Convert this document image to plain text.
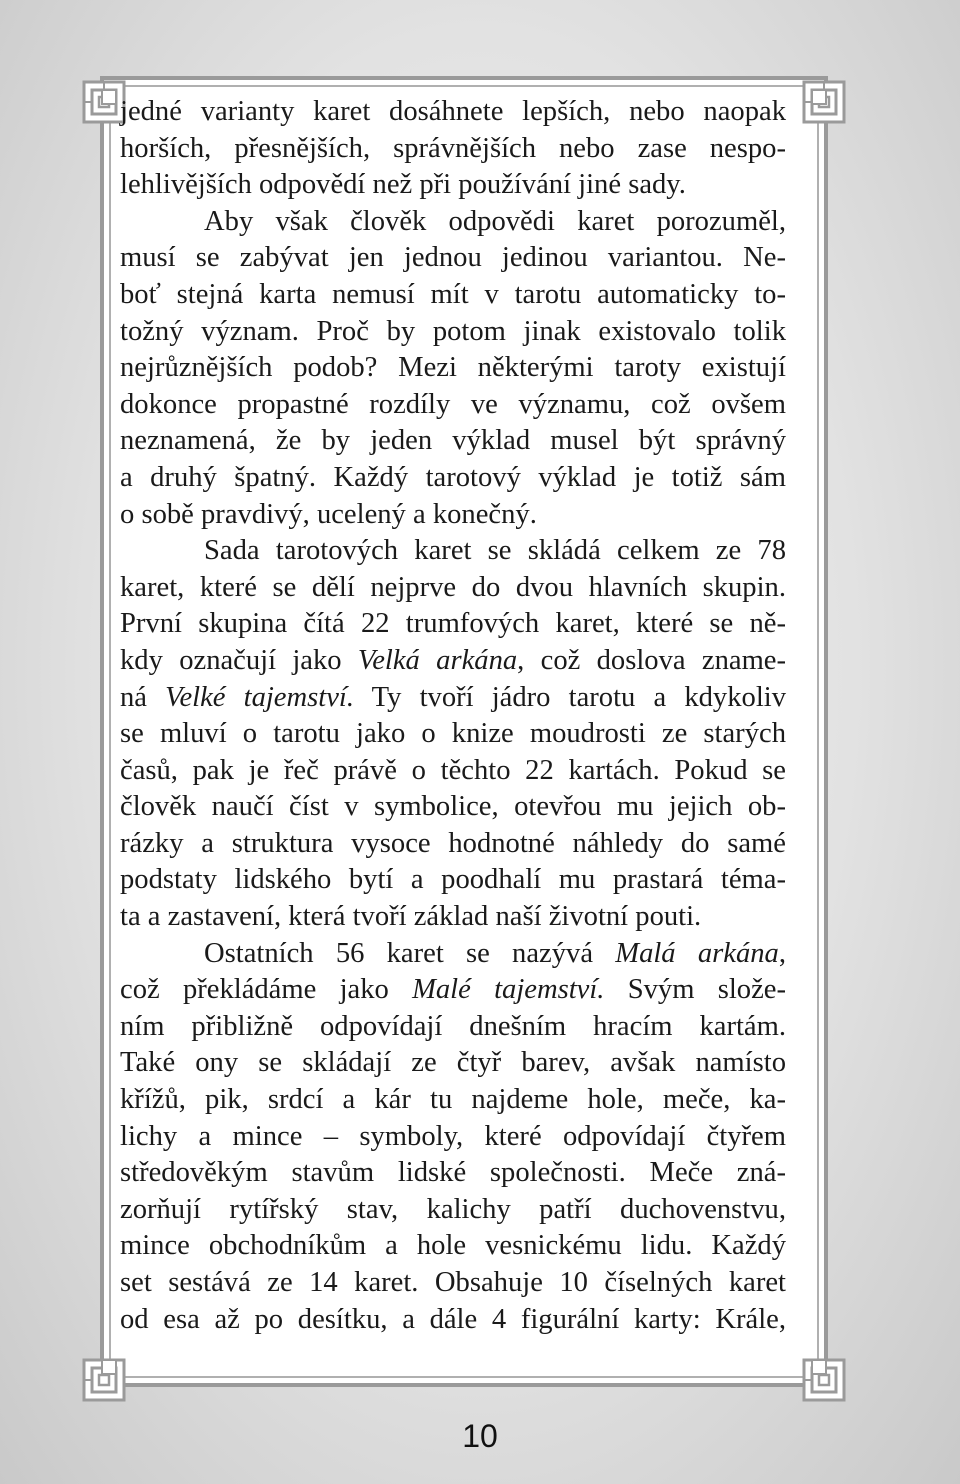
jedné varianty karet dosáhnete lepších, nebo naopak
horších, přesnějších, správnějších nebo zase nespo-
lehlivějších odpovědí než při používání jiné sady.
Aby však člověk odpovědi karet porozuměl,
musí se zabývat jen jednou jedinou variantou. Ne-
boť stejná karta nemusí mít v tarotu automaticky to-
tožný význam. Proč by potom jinak existovalo tolik
nejrůznějších podob? Mezi některými taroty existují
dokonce propastné rozdíly ve významu, což ovšem
neznamená, že by jeden výklad musel být správný
a druhý špatný. Každý tarotový výklad je totiž sám
o sobě pravdivý, ucelený a konečný.
Sada tarotových karet se skládá celkem ze 78
karet, které se dělí nejprve do dvou hlavních skupin.
První skupina čítá 22 trumfových karet, které se ně-
kdy označují jako Velká arkána, což doslova zname-
ná Velké tajemství. Ty tvoří jádro tarotu a kdykoliv
se mluví o tarotu jako o knize moudrosti ze starých
časů, pak je řeč právě o těchto 22 kartách. Pokud se
člověk naučí číst v symbolice, otevřou mu jejich ob-
rázky a struktura vysoce hodnotné náhledy do samé
podstaty lidského bytí a poodhalí mu prastará téma-
ta a zastavení, která tvoří základ naší životní pouti.
Ostatních 56 karet se nazývá Malá arkána,
což překládáme jako Malé tajemství. Svým slože-
ním přibližně odpovídají dnešním hracím kartám.
Také ony se skládají ze čtyř barev, avšak namísto
křížů, pik, srdcí a kár tu najdeme hole, meče, ka-
lichy a mince – symboly, které odpovídají čtyřem
středověkým stavům lidské společnosti. Meče zná-
zorňují rytířský stav, kalichy patří duchovenstvu,
mince obchodníkům a hole vesnickému lidu. Každý
set sestává ze 14 karet. Obsahuje 10 číselných karet
od esa až po desítku, a dále 4 figurální karty: Krále,
10
